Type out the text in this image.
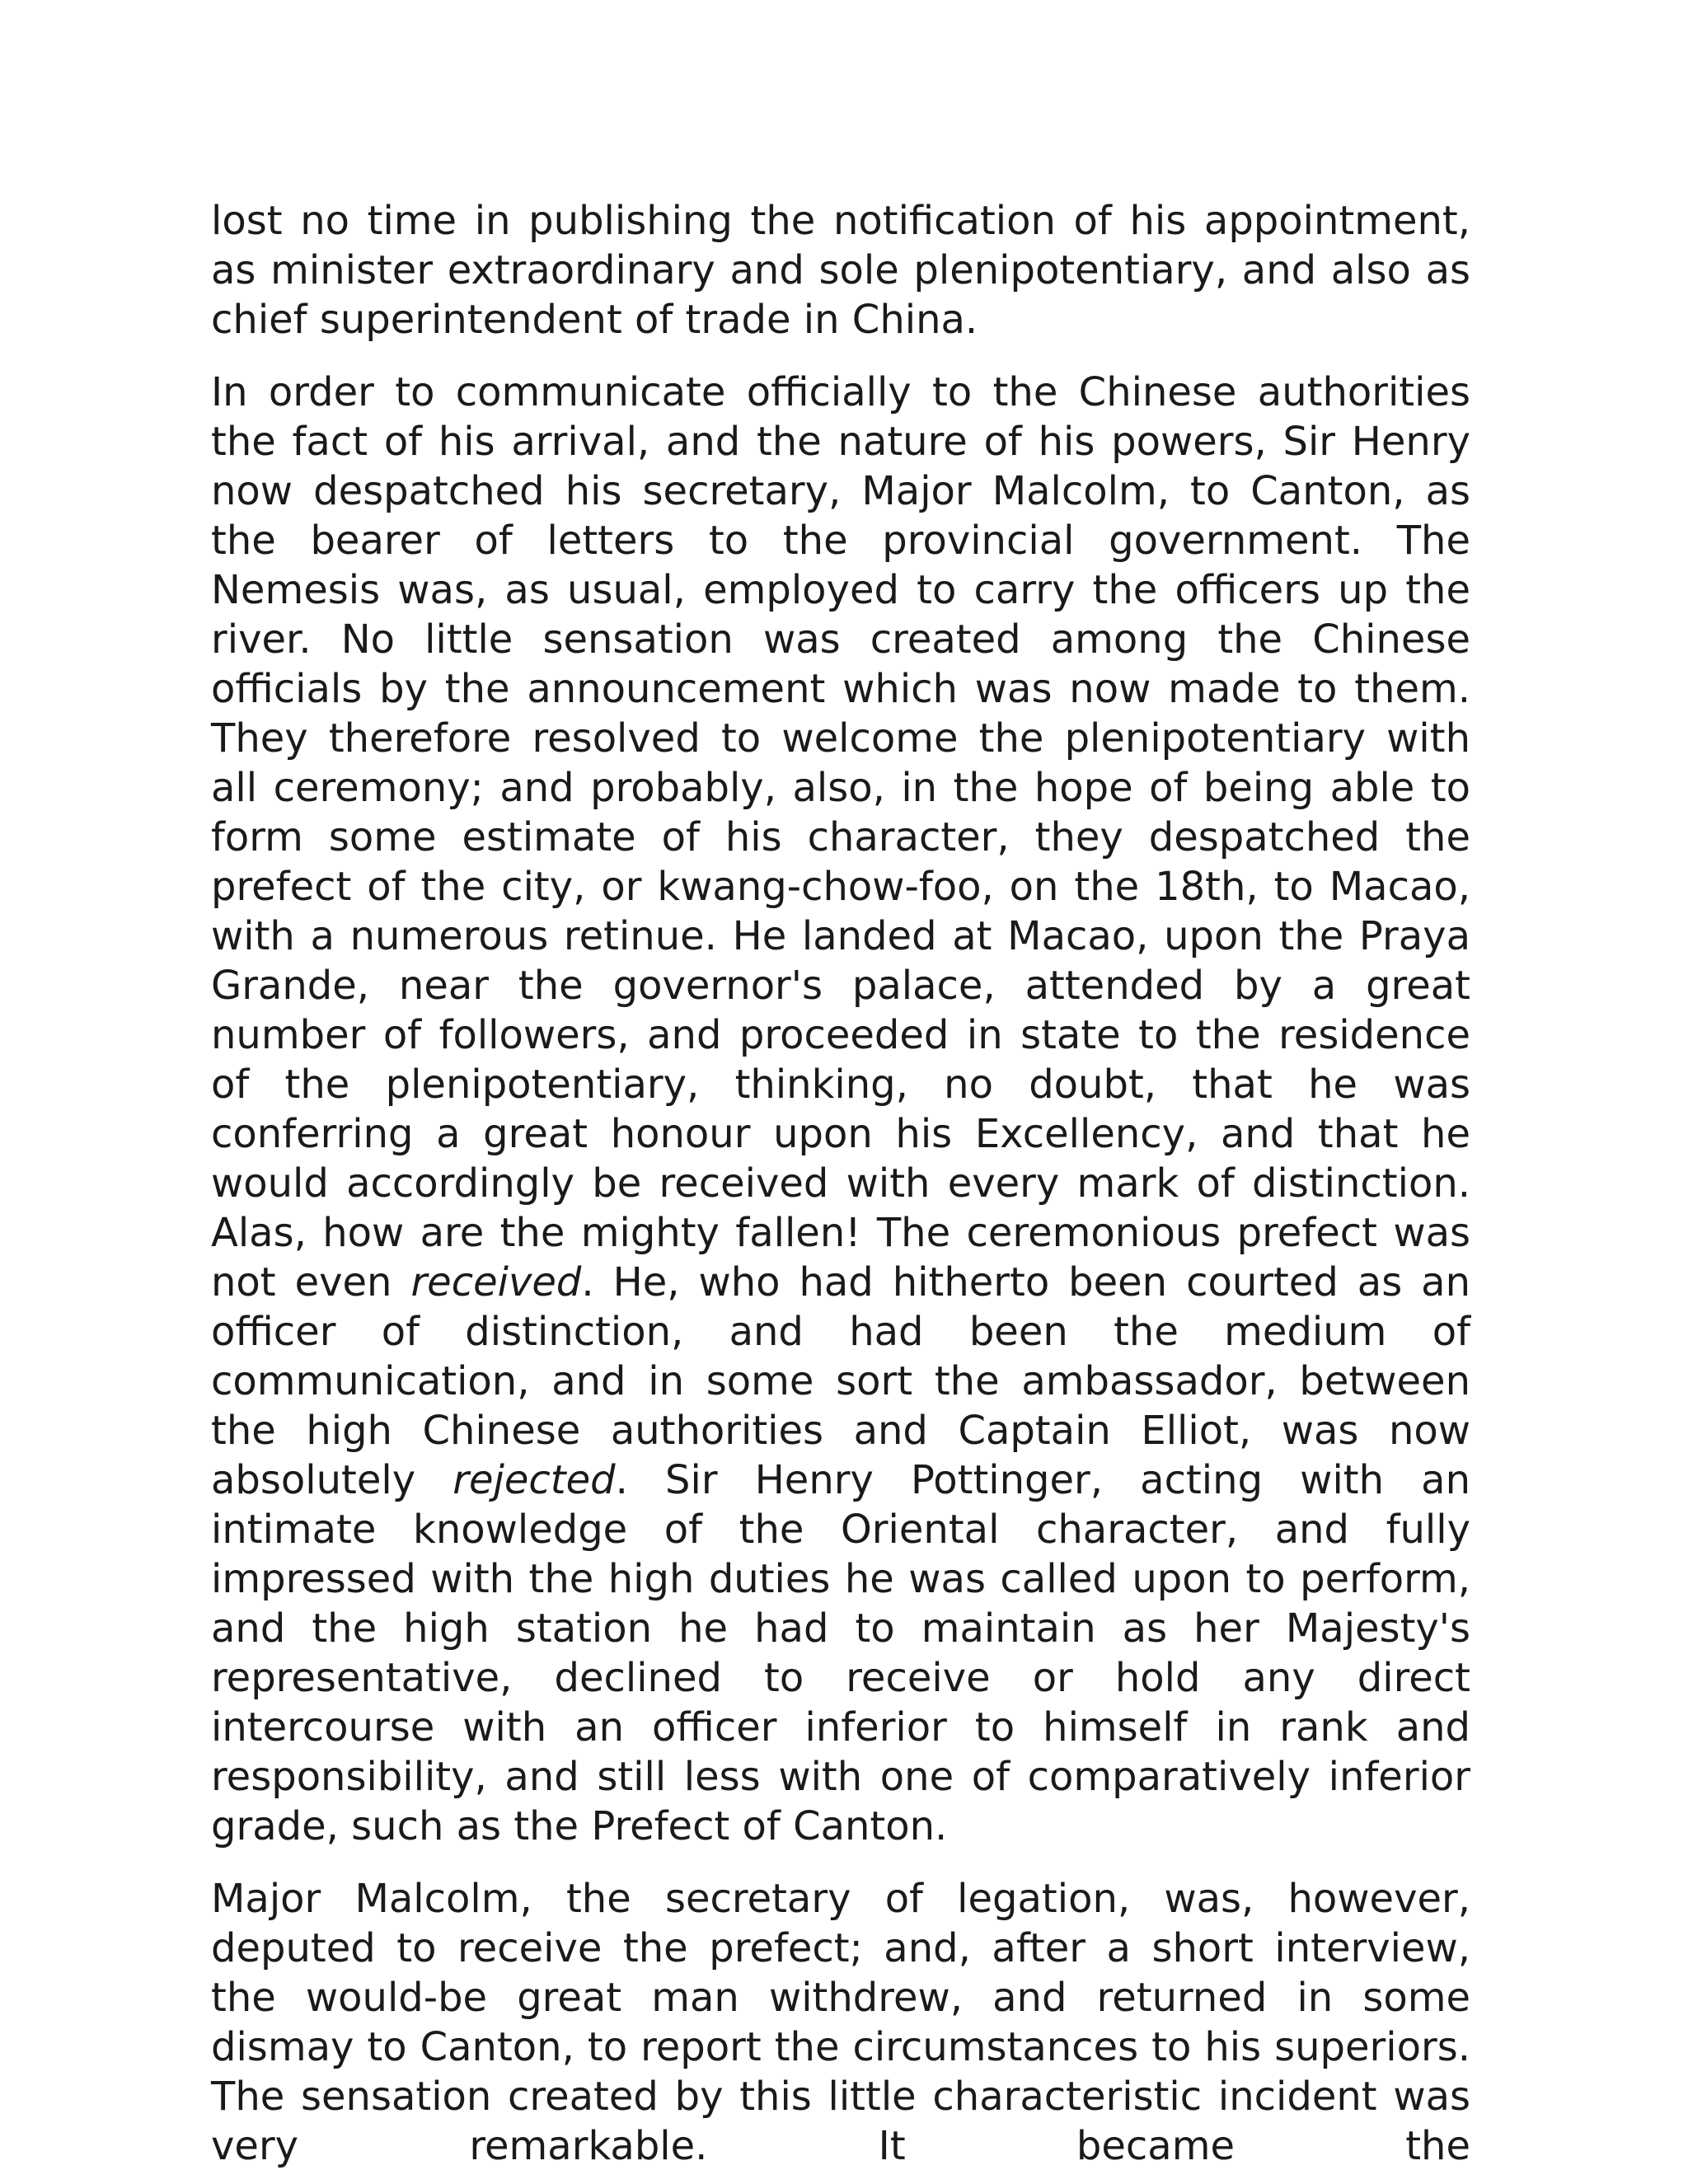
lost no time in publishing the notification of his appointment, as minister extraordinary and sole plenipotentiary, and also as chief superintendent of trade in China.

In order to communicate officially to the Chinese authorities the fact of his arrival, and the nature of his powers, Sir Henry now despatched his secretary, Major Malcolm, to Canton, as the bearer of letters to the provincial government. The Nemesis was, as usual, employed to carry the officers up the river. No little sensation was created among the Chinese officials by the announcement which was now made to them. They therefore resolved to welcome the plenipotentiary with all ceremony; and probably, also, in the hope of being able to form some estimate of his character, they despatched the prefect of the city, or kwang-chow-foo, on the 18th, to Macao, with a numerous retinue. He landed at Macao, upon the Praya Grande, near the governor's palace, attended by a great number of followers, and proceeded in state to the residence of the plenipotentiary, thinking, no doubt, that he was conferring a great honour upon his Excellency, and that he would accordingly be received with every mark of distinction. Alas, how are the mighty fallen! The ceremonious prefect was not even received. He, who had hitherto been courted as an officer of distinction, and had been the medium of communication, and in some sort the ambassador, between the high Chinese authorities and Captain Elliot, was now absolutely rejected. Sir Henry Pottinger, acting with an intimate knowledge of the Oriental character, and fully impressed with the high duties he was called upon to perform, and the high station he had to maintain as her Majesty's representative, declined to receive or hold any direct intercourse with an officer inferior to himself in rank and responsibility, and still less with one of comparatively inferior grade, such as the Prefect of Canton.

Major Malcolm, the secretary of legation, was, however, deputed to receive the prefect; and, after a short interview, the would-be great man withdrew, and returned in some dismay to Canton, to report the circumstances to his superiors. The sensation created by this little characteristic incident was very remarkable. It became the
